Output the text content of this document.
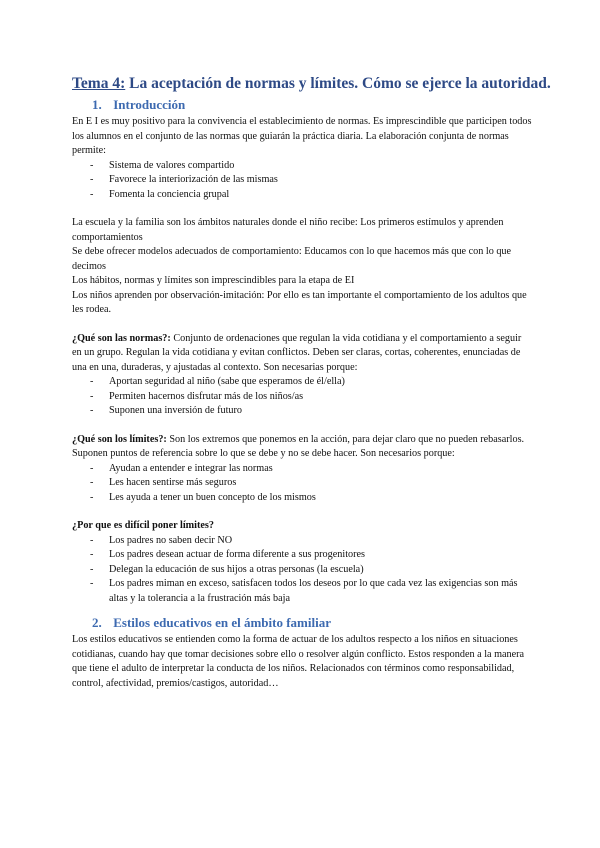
Tema 4: La aceptación de normas y límites. Cómo se ejerce la autoridad.
1. Introducción

En E I es muy positivo para la convivencia el establecimiento de normas. Es imprescindible que participen todos los alumnos en el conjunto de las normas que guiarán la práctica diaria. La elaboración conjunta de normas permite:

- Sistema de valores compartido
- Favorece la interiorización de las mismas
- Fomenta la conciencia grupal

La escuela y la familia son los ámbitos naturales donde el niño recibe: Los primeros estímulos y aprenden comportamientos

Se debe ofrecer modelos adecuados de comportamiento: Educamos con lo que hacemos más que con lo que decimos

Los hábitos, normas y límites son imprescindibles para la etapa de EI

Los niños aprenden por observación-imitación: Por ello es tan importante el comportamiento de los adultos que les rodea.

¿Qué son las normas?: Conjunto de ordenaciones que regulan la vida cotidiana y el comportamiento a seguir en un grupo. Regulan la vida cotidiana y evitan conflictos. Deben ser claras, cortas, coherentes, enunciadas de una en una, duraderas, y ajustadas al contexto. Son necesarias porque:

- Aportan seguridad al niño (sabe que esperamos de él/ella)
- Permiten hacernos disfrutar más de los niños/as
- Suponen una inversión de futuro

¿Qué son los límites?: Son los extremos que ponemos en la acción, para dejar claro que no pueden rebasarlos. Suponen puntos de referencia sobre lo que se debe y no se debe hacer. Son necesarios porque:

- Ayudan a entender e integrar las normas
- Les hacen sentirse más seguros
- Les ayuda a tener un buen concepto de los mismos

¿Por que es difícil poner límites?

- Los padres no saben decir NO
- Los padres desean actuar de forma diferente a sus progenitores
- Delegan la educación de sus hijos a otras personas (la escuela)
- Los padres miman en exceso, satisfacen todos los deseos por lo que cada vez las exigencias son más altas y la tolerancia a la frustración más baja
2. Estilos educativos en el ámbito familiar

Los estilos educativos se entienden como la forma de actuar de los adultos respecto a los niños en situaciones cotidianas, cuando hay que tomar decisiones sobre ello o resolver algún conflicto. Estos responden a la manera que tiene el adulto de interpretar la conducta de los niños. Relacionados con términos como responsabilidad, control, afectividad, premios/castigos, autoridad…
